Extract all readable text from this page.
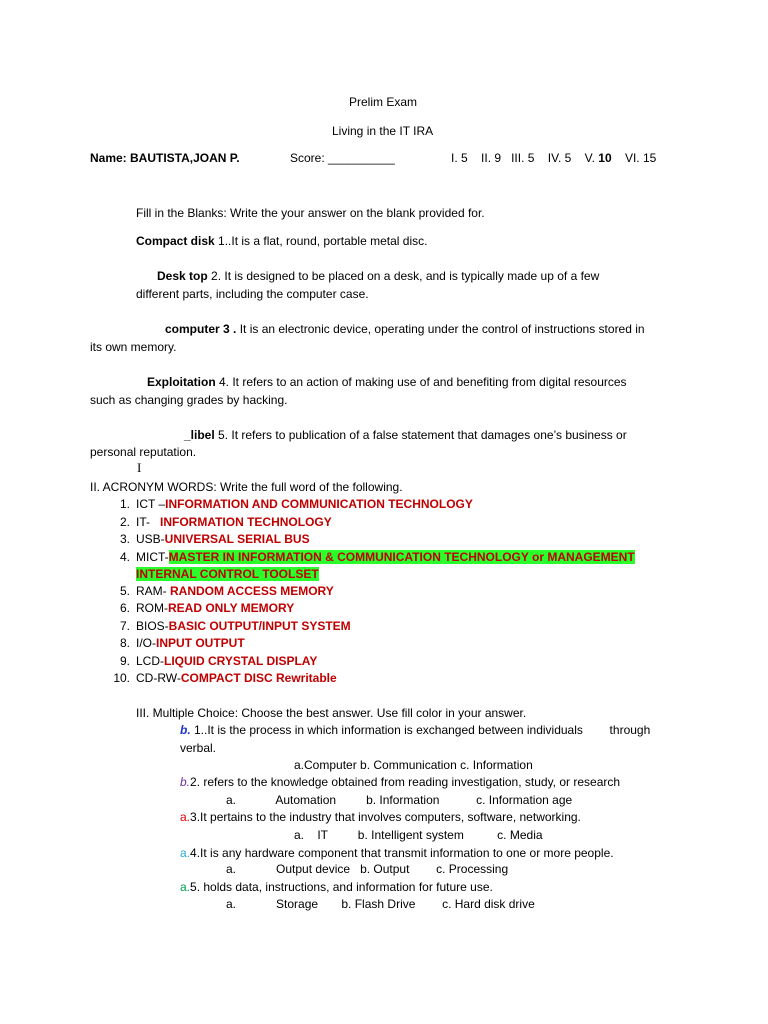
Prelim Exam
Living in the IT IRA
Name: BAUTISTA,JOAN P.	Score: __________	I. 5 II. 9 III. 5 IV. 5 V. 10 VI. 15
Fill in the Blanks: Write the your answer on the blank provided for.
Compact disk 1..It is a flat, round, portable metal disc.
Desk top 2. It is designed to be placed on a desk, and is typically made up of a few
different parts, including the computer case.
computer 3 . It is an electronic device, operating under the control of instructions stored in
its own memory.
Exploitation 4. It refers to an action of making use of and benefiting from digital resources
such as changing grades by hacking.
_libel 5. It refers to publication of a false statement that damages one’s business or
personal reputation.
I
II. ACRONYM WORDS: Write the full word of the following.
1. ICT –INFORMATION AND COMMUNICATION TECHNOLOGY
2. IT-   INFORMATION TECHNOLOGY
3. USB-UNIVERSAL SERIAL BUS
4. MICT-MASTER IN INFORMATION & COMMUNICATION TECHNOLOGY or MANAGEMENT
INTERNAL CONTROL TOOLSET
5. RAM- RANDOM ACCESS MEMORY
6. ROM-READ ONLY MEMORY
7. BIOS-BASIC OUTPUT/INPUT SYSTEM
8. I/O-INPUT OUTPUT
9. LCD-LIQUID CRYSTAL DISPLAY
10. CD-RW-COMPACT DISC Rewritable
III. Multiple Choice: Choose the best answer. Use fill color in your answer.
b. 1..It is the process in which information is exchanged between individuals        through
verbal.
a.Computer b. Communication c. Information
b.2. refers to the knowledge obtained from reading investigation, study, or research
a.            Automation         b. Information           c. Information age
a.3.It pertains to the industry that involves computers, software, networking.
a.    IT         b. Intelligent system          c. Media
a.4.It is any hardware component that transmit information to one or more people.
a.            Output device   b. Output        c. Processing
a.5. holds data, instructions, and information for future use.
a.            Storage       b. Flash Drive        c. Hard disk drive
